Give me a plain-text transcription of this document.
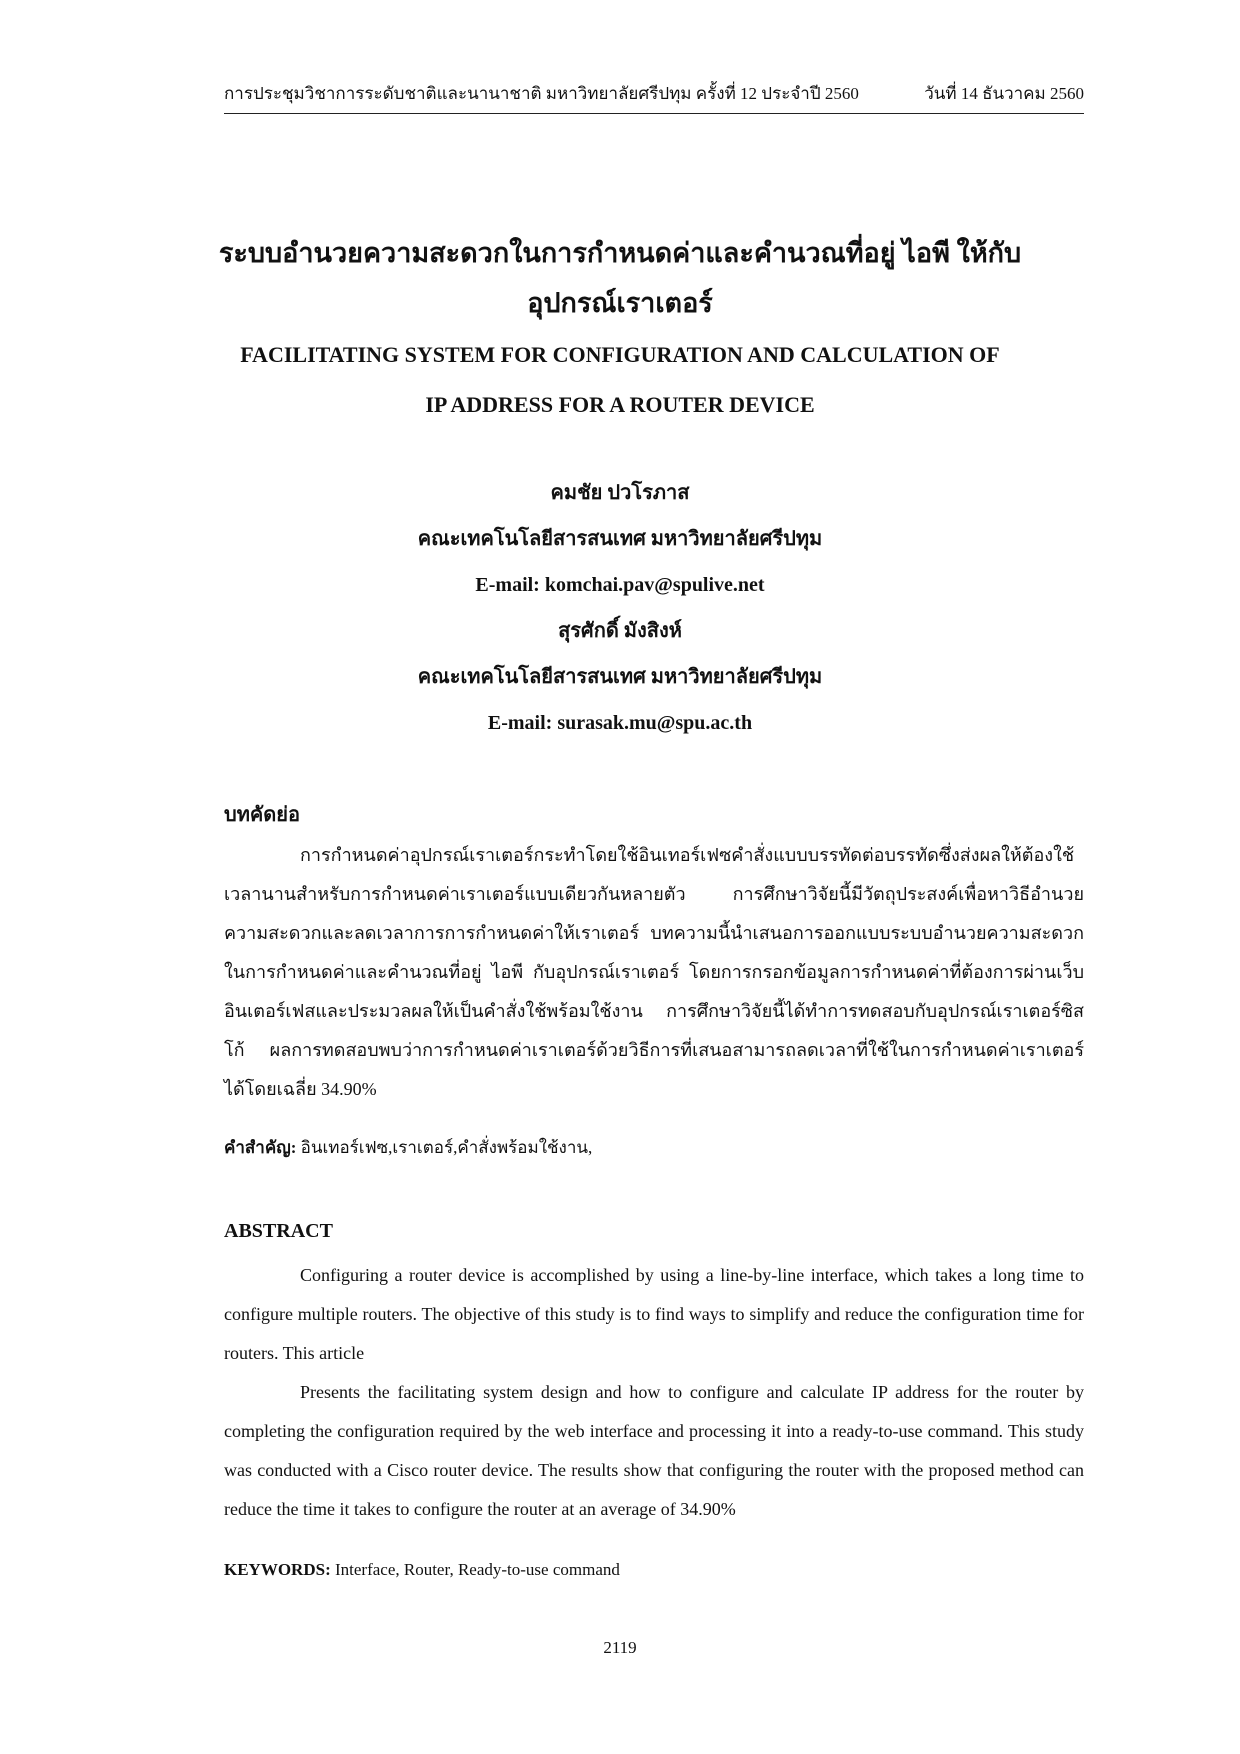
การประชุมวิชาการระดับชาติและนานาชาติ มหาวิทยาลัยศรีปทุม ครั้งที่ 12 ประจำปี 2560	วันที่ 14 ธันวาคม 2560
ระบบอำนวยความสะดวกในการกำหนดค่าและคำนวณที่อยู่ ไอพี ให้กับ
อุปกรณ์เราเตอร์
FACILITATING SYSTEM FOR CONFIGURATION AND CALCULATION OF
IP ADDRESS FOR A ROUTER DEVICE
คมชัย ปวโรภาส
คณะเทคโนโลยีสารสนเทศ มหาวิทยาลัยศรีปทุม
E-mail: komchai.pav@spulive.net
สุรศักดิ์ มังสิงห์
คณะเทคโนโลยีสารสนเทศ มหาวิทยาลัยศรีปทุม
E-mail: surasak.mu@spu.ac.th
บทคัดย่อ

การกำหนดค่าอุปกรณ์เราเตอร์กระทำโดยใช้อินเทอร์เฟซคำสั่งแบบบรรทัดต่อบรรทัดซึ่งส่งผลให้ต้องใช้เวลานานสำหรับการกำหนดค่าเราเตอร์แบบเดียวกันหลายตัว การศึกษาวิจัยนี้มีวัตถุประสงค์เพื่อหาวิธีอำนวยความสะดวกและลดเวลาการการกำหนดค่าให้เราเตอร์ บทความนี้นำเสนอการออกแบบระบบอำนวยความสะดวกในการกำหนดค่าและคำนวณที่อยู่ ไอพี กับอุปกรณ์เราเตอร์ โดยการกรอกข้อมูลการกำหนดค่าที่ต้องการผ่านเว็บอินเตอร์เฟสและประมวลผลให้เป็นคำสั่งใช้พร้อมใช้งาน การศึกษาวิจัยนี้ได้ทำการทดสอบกับอุปกรณ์เราเตอร์ซิสโก้ ผลการทดสอบพบว่าการกำหนดค่าเราเตอร์ด้วยวิธีการที่เสนอสามารถลดเวลาที่ใช้ในการกำหนดค่าเราเตอร์ได้โดยเฉลี่ย 34.90%

คำสำคัญ: อินเทอร์เฟซ,เราเตอร์,คำสั่งพร้อมใช้งาน,
ABSTRACT

Configuring a router device is accomplished by using a line-by-line interface, which takes a long time to configure multiple routers. The objective of this study is to find ways to simplify and reduce the configuration time for routers. This article

Presents the facilitating system design and how to configure and calculate IP address for the router by completing the configuration required by the web interface and processing it into a ready-to-use command. This study was conducted with a Cisco router device. The results show that configuring the router with the proposed method can reduce the time it takes to configure the router at an average of 34.90%

KEYWORDS: Interface, Router, Ready-to-use command
2119
